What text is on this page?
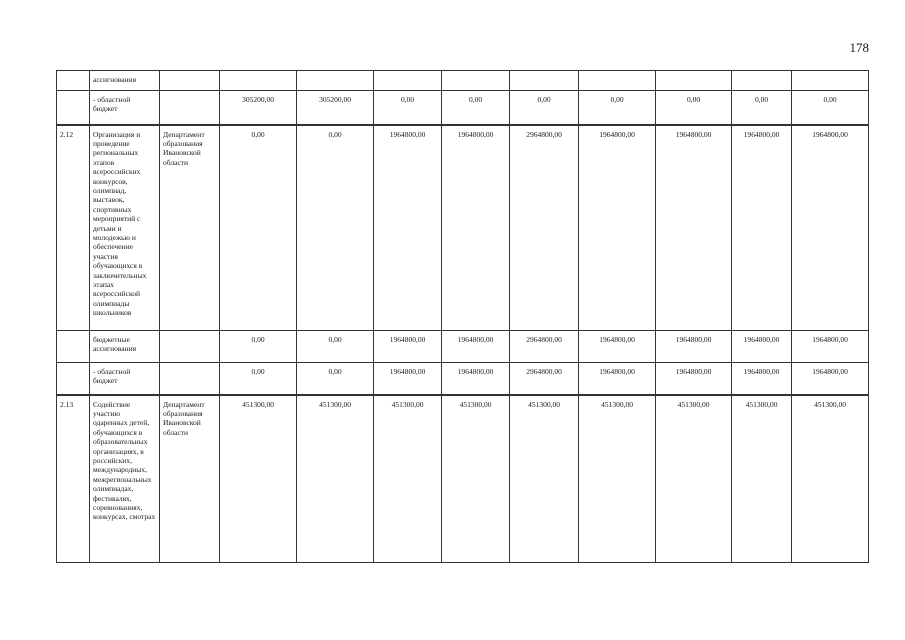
178
	ассигнования										
	- областной бюджет		305200,00	305200,00	0,00	0,00	0,00	0,00	0,00	0,00	0,00
2.12	Организация и проведение региональных этапов всероссийских конкурсов, олимпиад, выставок, спортивных мероприятий с детьми и молодежью и обеспечение участия обучающихся в заключительных этапах всероссийской олимпиады школьников	Департамент образования Ивановской области	0,00	0,00	1964800,00	1964800,00	2964800,00	1964800,00	1964800,00	1964800,00	1964800,00
	бюджетные ассигнования		0,00	0,00	1964800,00	1964800,00	2964800,00	1964800,00	1964800,00	1964800,00	1964800,00
	- областной бюджет		0,00	0,00	1964800,00	1964800,00	2964800,00	1964800,00	1964800,00	1964800,00	1964800,00
2.13	Содействие участию одаренных детей, обучающихся в образовательных организациях, в российских, международных, межрегиональных олимпиадах, фестивалях, соревнованиях, конкурсах, смотрах	Департамент образования Ивановской области	451300,00	451300,00	451300,00	451300,00	451300,00	451300,00	451300,00	451300,00	451300,00
